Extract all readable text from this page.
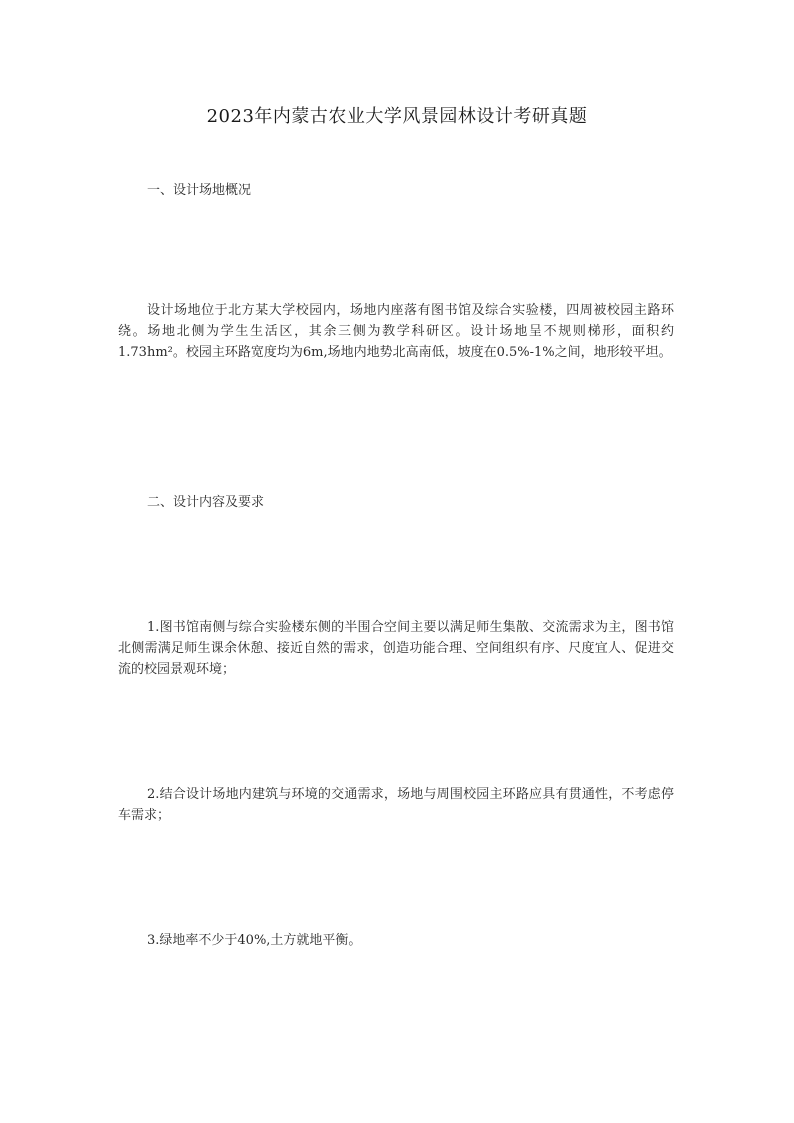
2023年内蒙古农业大学风景园林设计考研真题
一、设计场地概况
设计场地位于北方某大学校园内，场地内座落有图书馆及综合实验楼，四周被校园主路环绕。场地北侧为学生生活区，其余三侧为教学科研区。设计场地呈不规则梯形，面积约1.73hm²。校园主环路宽度均为6m,场地内地势北高南低，坡度在0.5%-1%之间，地形较平坦。
二、设计内容及要求
1.图书馆南侧与综合实验楼东侧的半围合空间主要以满足师生集散、交流需求为主，图书馆北侧需满足师生课余休憩、接近自然的需求，创造功能合理、空间组织有序、尺度宜人、促进交流的校园景观环境；
2.结合设计场地内建筑与环境的交通需求，场地与周围校园主环路应具有贯通性，不考虑停车需求；
3.绿地率不少于40%,土方就地平衡。
